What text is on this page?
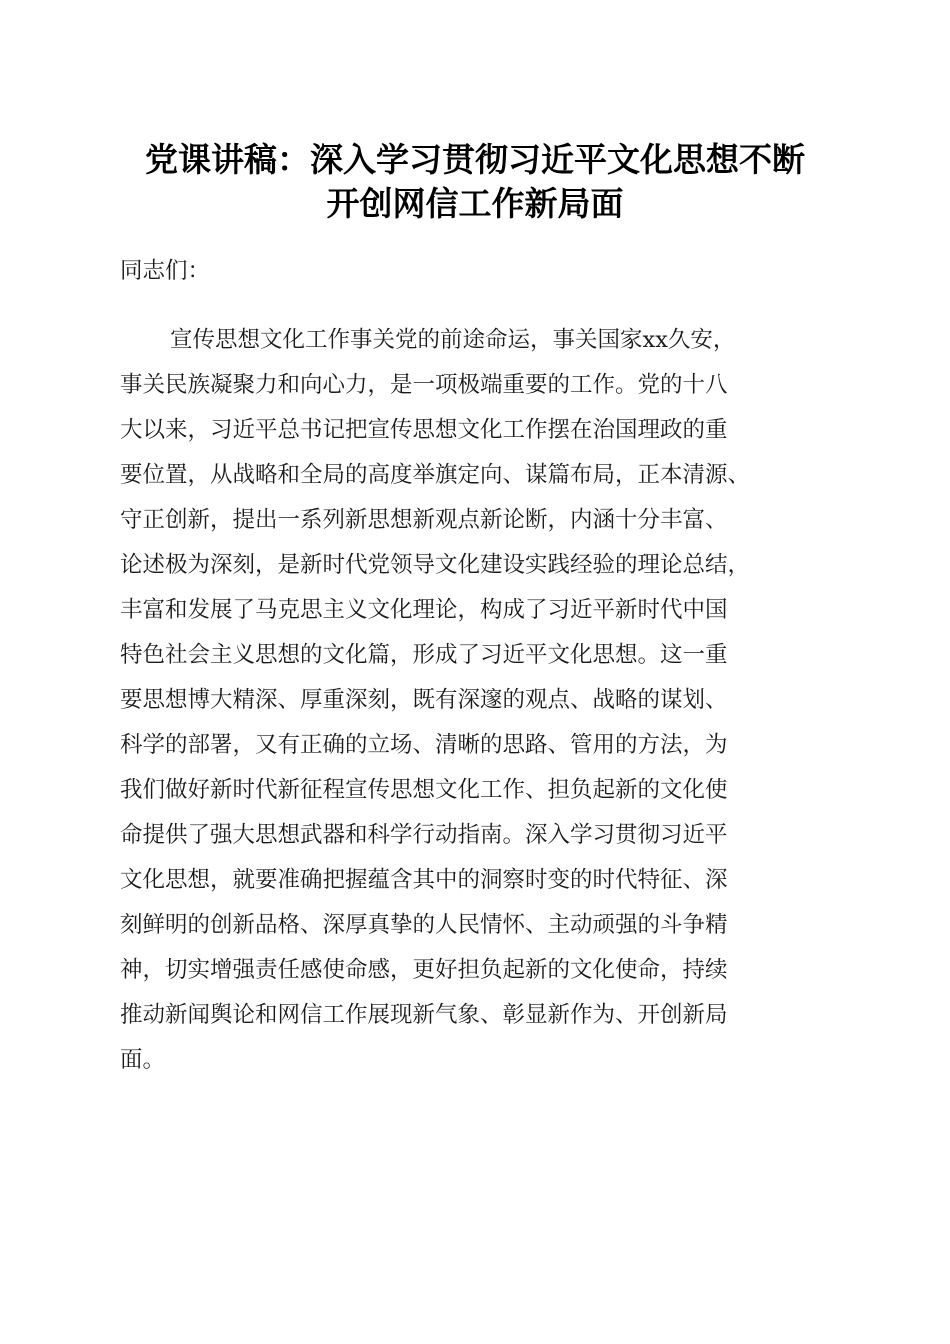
党课讲稿：深入学习贯彻习近平文化思想不断
开创网信工作新局面

同志们：

宣传思想文化工作事关党的前途命运，事关国家xx久安，

事关民族凝聚力和向心力，是一项极端重要的工作。党的十八

大以来，习近平总书记把宣传思想文化工作摆在治国理政的重

要位置，从战略和全局的高度举旗定向、谋篇布局，正本清源、

守正创新，提出一系列新思想新观点新论断，内涵十分丰富、

论述极为深刻，是新时代党领导文化建设实践经验的理论总结，

丰富和发展了马克思主义文化理论，构成了习近平新时代中国

特色社会主义思想的文化篇，形成了习近平文化思想。这一重

要思想博大精深、厚重深刻，既有深邃的观点、战略的谋划、

科学的部署，又有正确的立场、清晰的思路、管用的方法，为

我们做好新时代新征程宣传思想文化工作、担负起新的文化使

命提供了强大思想武器和科学行动指南。深入学习贯彻习近平

文化思想，就要准确把握蕴含其中的洞察时变的时代特征、深

刻鲜明的创新品格、深厚真挚的人民情怀、主动顽强的斗争精

神，切实增强责任感使命感，更好担负起新的文化使命，持续

推动新闻舆论和网信工作展现新气象、彰显新作为、开创新局

面。
